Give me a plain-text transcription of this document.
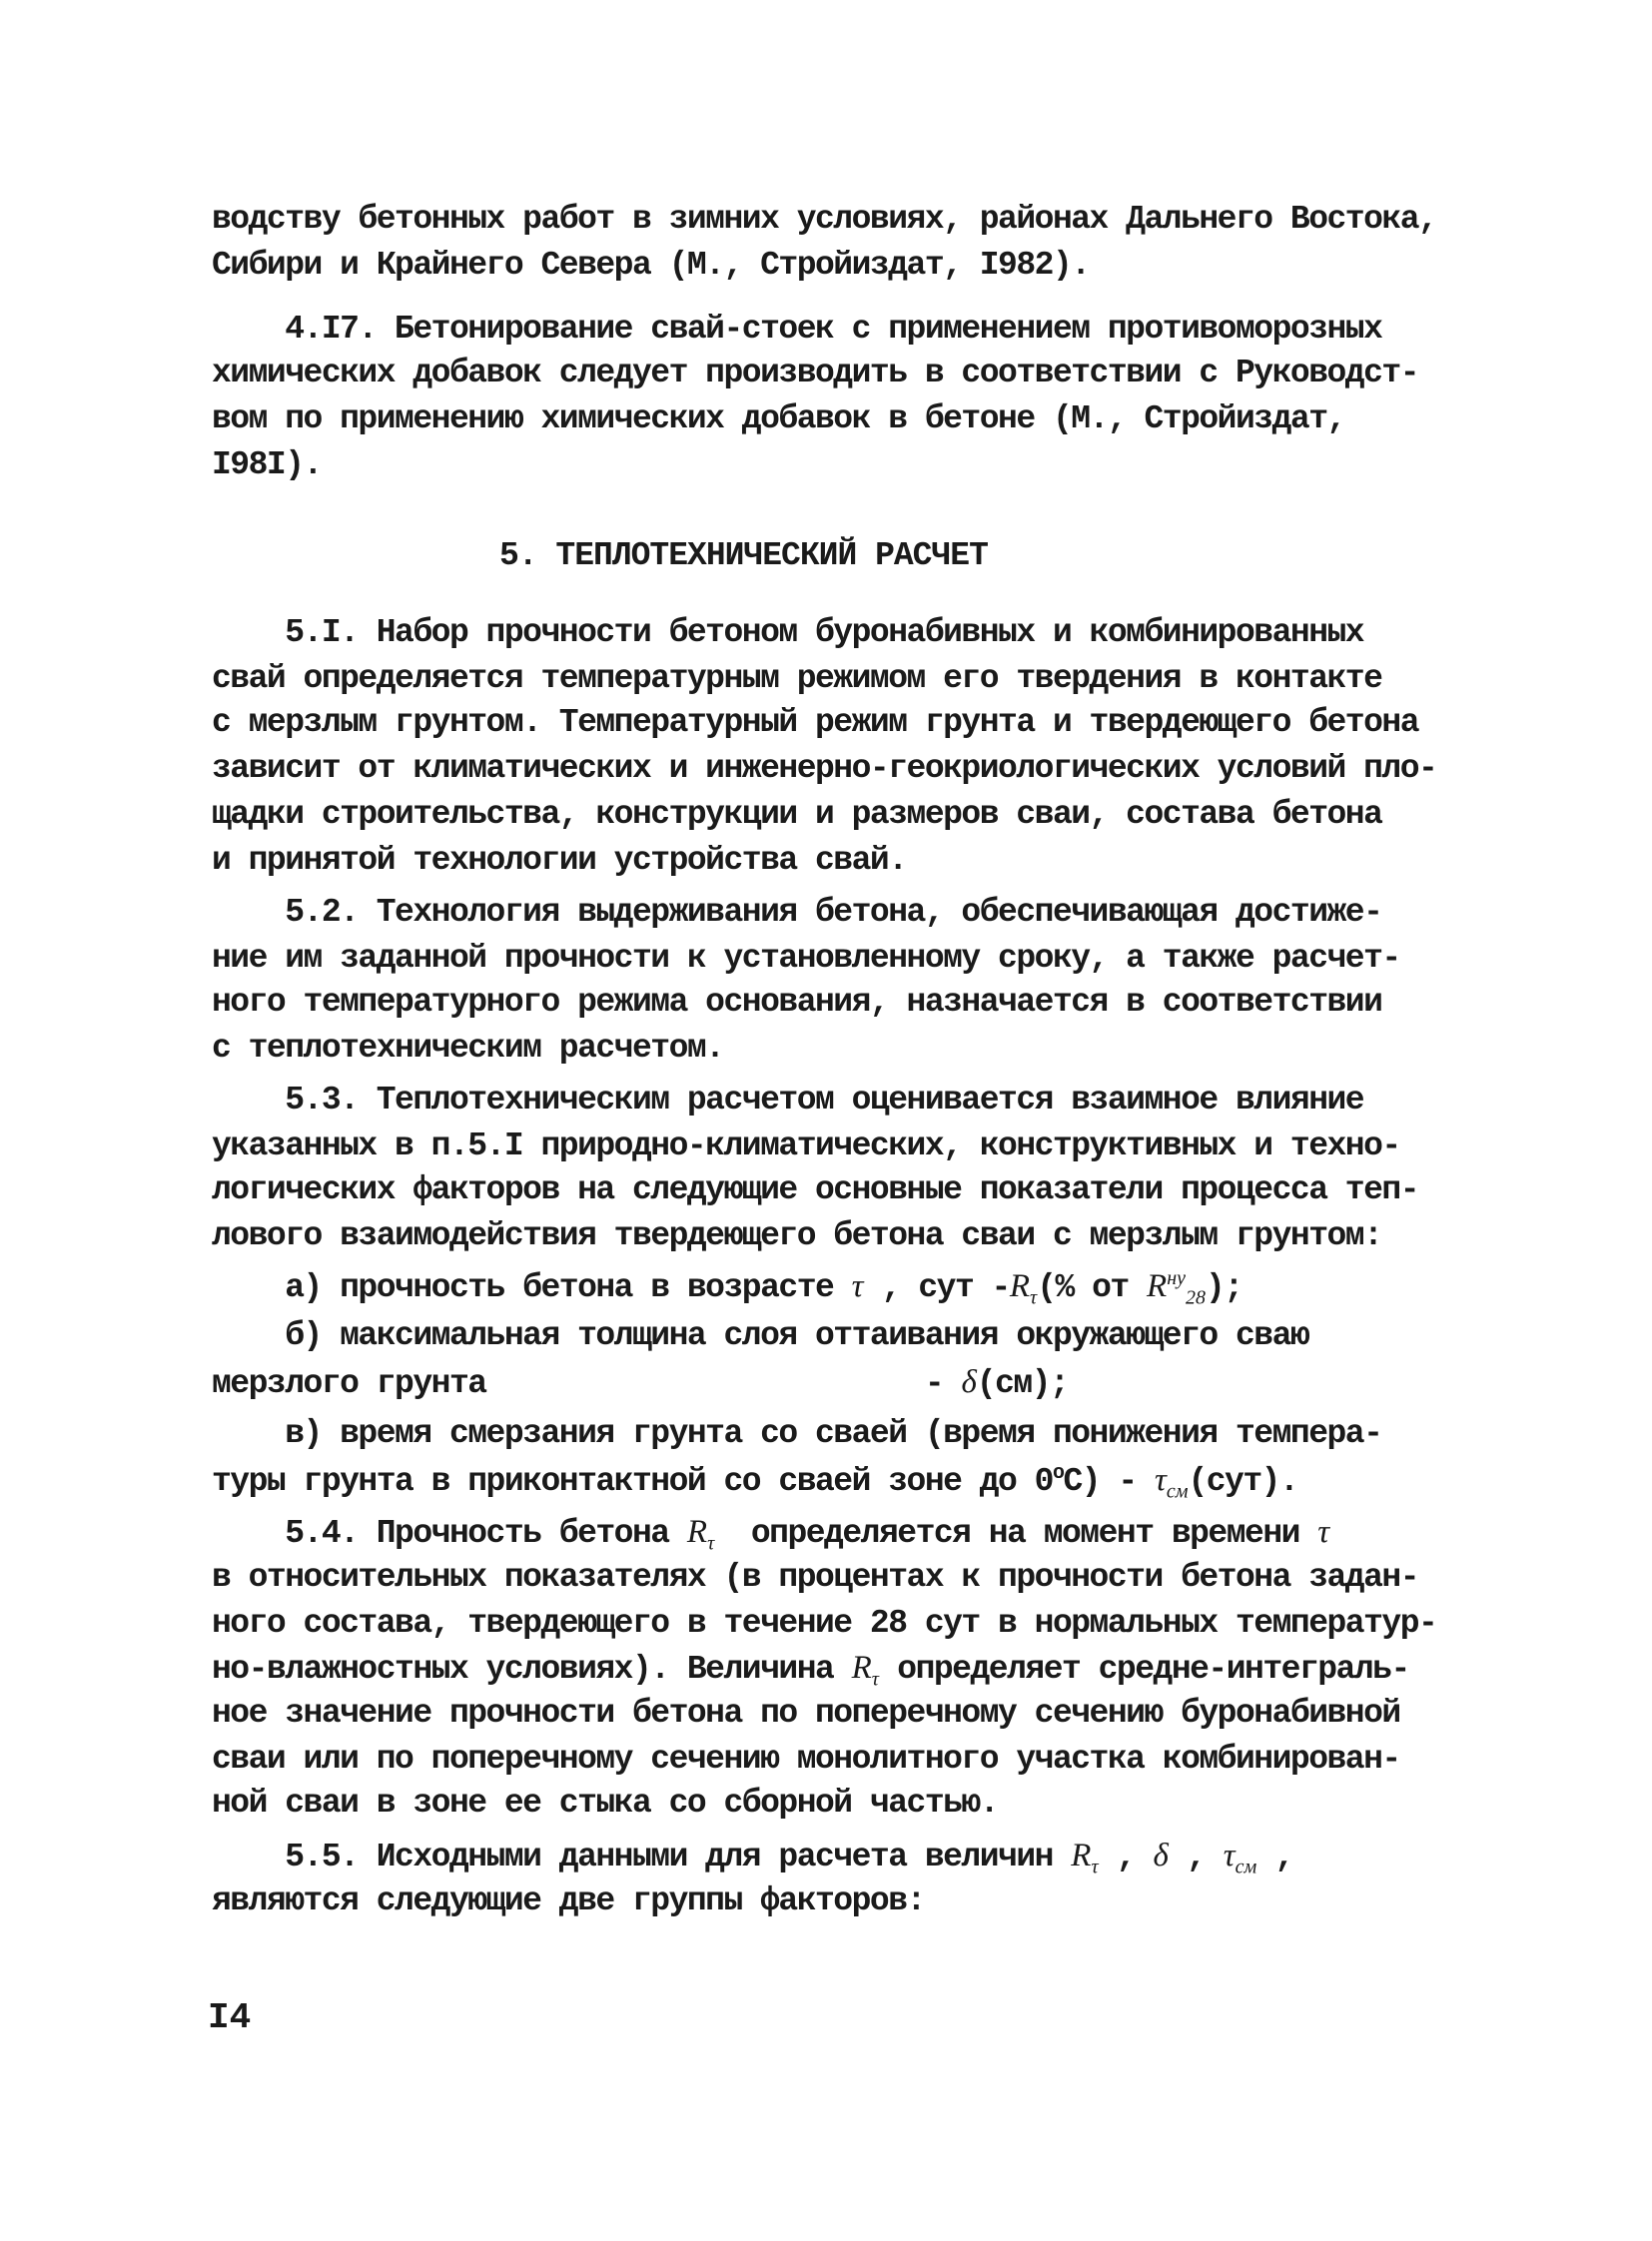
водству бетонных работ в зимних условиях, районах Дальнего Востока,
Сибири и Крайнего Севера (М., Стройиздат, I982).
4.I7. Бетонирование свай-стоек с применением противоморозных
химических добавок следует производить в соответствии с Руководст-
вом по применению химических добавок в бетоне (М., Стройиздат,
I98I).
5. ТЕПЛОТЕХНИЧЕСКИЙ РАСЧЕТ
5.I. Набор прочности бетоном буронабивных и комбинированных
свай определяется температурным режимом его твердения в контакте
с мерзлым грунтом. Температурный режим грунта и твердеющего бетона
зависит от климатических и инженерно-геокриологических условий пло-
щадки строительства, конструкции и размеров сваи, состава бетона
и принятой технологии устройства свай.
5.2. Технология выдерживания бетона, обеспечивающая достиже-
ние им заданной прочности к установленному сроку, а также расчет-
ного температурного режима основания, назначается в соответствии
с теплотехническим расчетом.
5.3. Теплотехническим расчетом оценивается взаимное влияние
указанных в п.5.I природно-климатических, конструктивных и техно-
логических факторов на следующие основные показатели процесса теп-
лового взаимодействия твердеющего бетона сваи с мерзлым грунтом:
а) прочность бетона в возрасте τ , сут $-R_\tau(\%$ от $R^{ну}_{28}$);
б) максимальная толщина слоя оттаивания окружающего сваю
мерзлого грунта                        - δ(см);
в) время смерзания грунта со сваей (время понижения темпера-
туры грунта в приконтактной со сваей зоне до $0^оС) - \tau_{см}(сут)$.
5.4. Прочность бетона $R_\tau$  определяется на момент времени τ
в относительных показателях (в процентах к прочности бетона задан-
ного состава, твердеющего в течение 28 сут в нормальных температур-
но-влажностных условиях). Величина $R_\tau$ определяет средне-интеграль-
ное значение прочности бетона по поперечному сечению буронабивной
сваи или по поперечному сечению монолитного участка комбинирован-
ной сваи в зоне ее стыка со сборной частью.
5.5. Исходными данными для расчета величин $R_\tau$ , δ , $\tau_{см}$ ,
являются следующие две группы факторов:
I4
